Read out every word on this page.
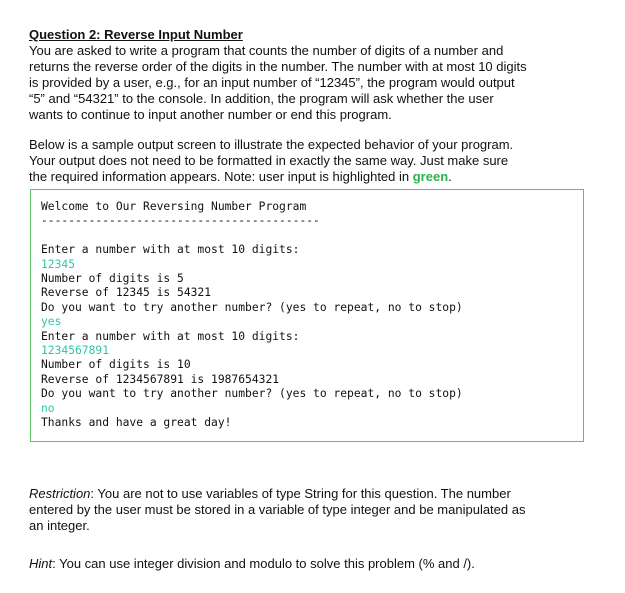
Question 2: Reverse Input Number
You are asked to write a program that counts the number of digits of a number and
returns the reverse order of the digits in the number. The number with at most 10 digits
is provided by a user, e.g., for an input number of “12345”, the program would output
“5” and “54321” to the console. In addition, the program will ask whether the user
wants to continue to input another number or end this program.
Below is a sample output screen to illustrate the expected behavior of your program.
Your output does not need to be formatted in exactly the same way. Just make sure
the required information appears. Note: user input is highlighted in green.
Welcome to Our Reversing Number Program
-----------------------------------------
Enter a number with at most 10 digits:
12345
Number of digits is 5
Reverse of 12345 is 54321
Do you want to try another number? (yes to repeat, no to stop)
yes
Enter a number with at most 10 digits:
1234567891
Number of digits is 10
Reverse of 1234567891 is 1987654321
Do you want to try another number? (yes to repeat, no to stop)
no
Thanks and have a great day!
Restriction: You are not to use variables of type String for this question. The number
entered by the user must be stored in a variable of type integer and be manipulated as
an integer.
Hint: You can use integer division and modulo to solve this problem (% and /).
